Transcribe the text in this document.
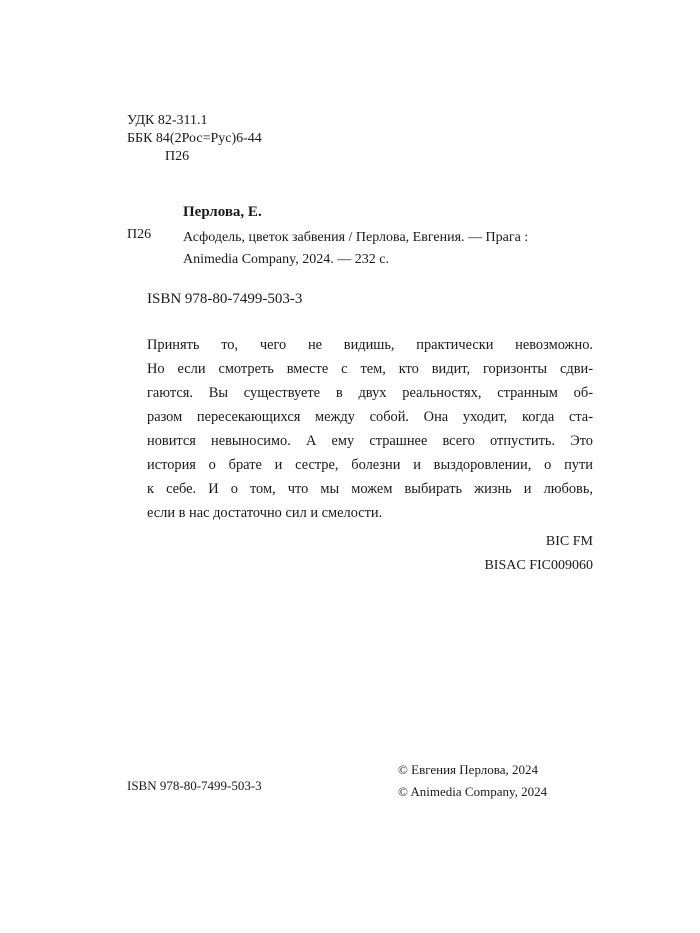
УДК 82-311.1
ББК 84(2Рос=Рус)6-44
П26
Перлова, Е.
П26 Асфодель, цветок забвения / Перлова, Евгения. — Прага :
Animedia Company, 2024. — 232 с.
ISBN 978-80-7499-503-3
Принять то, чего не видишь, практически невозможно.
Но если смотреть вместе с тем, кто видит, горизонты сдви-
гаются. Вы существуете в двух реальностях, странным об-
разом пересекающихся между собой. Она уходит, когда ста-
новится невыносимо. А ему страшнее всего отпустить. Это
история о брате и сестре, болезни и выздоровлении, о пути
к себе. И о том, что мы можем выбирать жизнь и любовь,
если в нас достаточно сил и смелости.
BIC FM
BISAC FIC009060
© Евгения Перлова, 2024
© Animedia Company, 2024
ISBN 978-80-7499-503-3
